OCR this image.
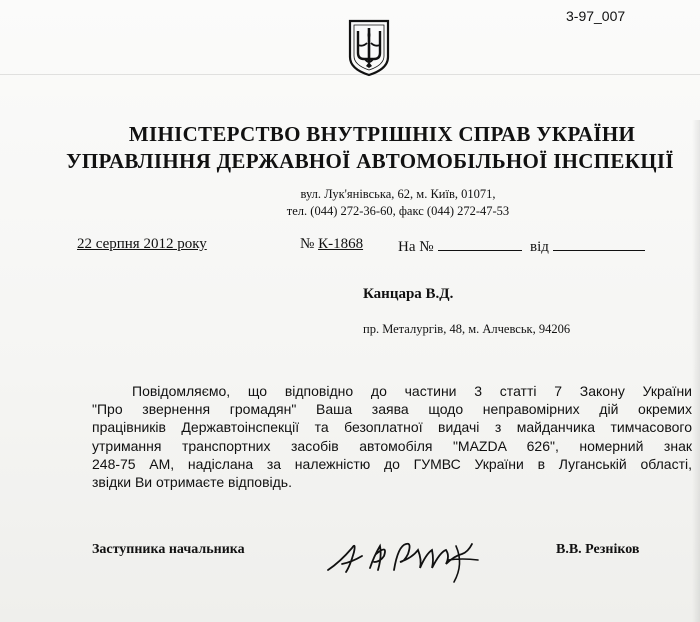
3-97_007
МІНІСТЕРСТВО ВНУТРІШНІХ СПРАВ УКРАЇНИ
УПРАВЛІННЯ ДЕРЖАВНОЇ АВТОМОБІЛЬНОЇ ІНСПЕКЦІЇ
вул. Лук'янівська, 62, м. Київ, 01071,
тел. (044) 272-36-60, факс (044) 272-47-53
22 серпня 2012 року	№ К-1868 На №	від
Канцара В.Д.
пр. Металургів, 48, м. Алчевськ, 94206
Повідомляємо, що відповідно до частини 3 статті 7 Закону України
"Про звернення громадян" Ваша заява щодо неправомірних дій окремих
працівників Державтоінспекції та безоплатної видачі з майданчика тимчасового
утримання транспортних засобів автомобіля "MAZDA 626", номерний знак
248-75 АМ, надіслана за належністю до ГУМВС України в Луганській області,
звідки Ви отримаєте відповідь.
Заступника начальника	В.В. Резніков
